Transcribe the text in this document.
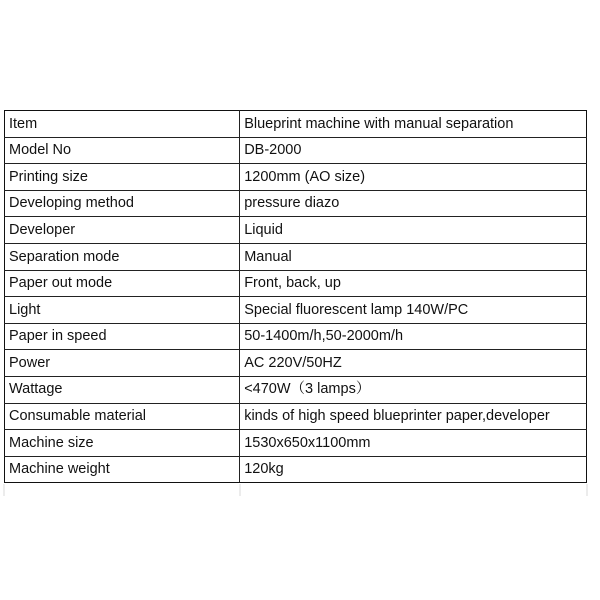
Item	Blueprint machine with manual separation
Model No	DB-2000
Printing size	1200mm (AO size)
Developing method	pressure diazo
Developer	Liquid
Separation mode	Manual
Paper out mode	Front, back, up
Light	Special fluorescent lamp 140W/PC
Paper in speed	50-1400m/h,50-2000m/h
Power	AC 220V/50HZ
Wattage	<470W（3 lamps）
Consumable material	kinds of high speed blueprinter paper,developer
Machine size	1530x650x1100mm
Machine weight	120kg
